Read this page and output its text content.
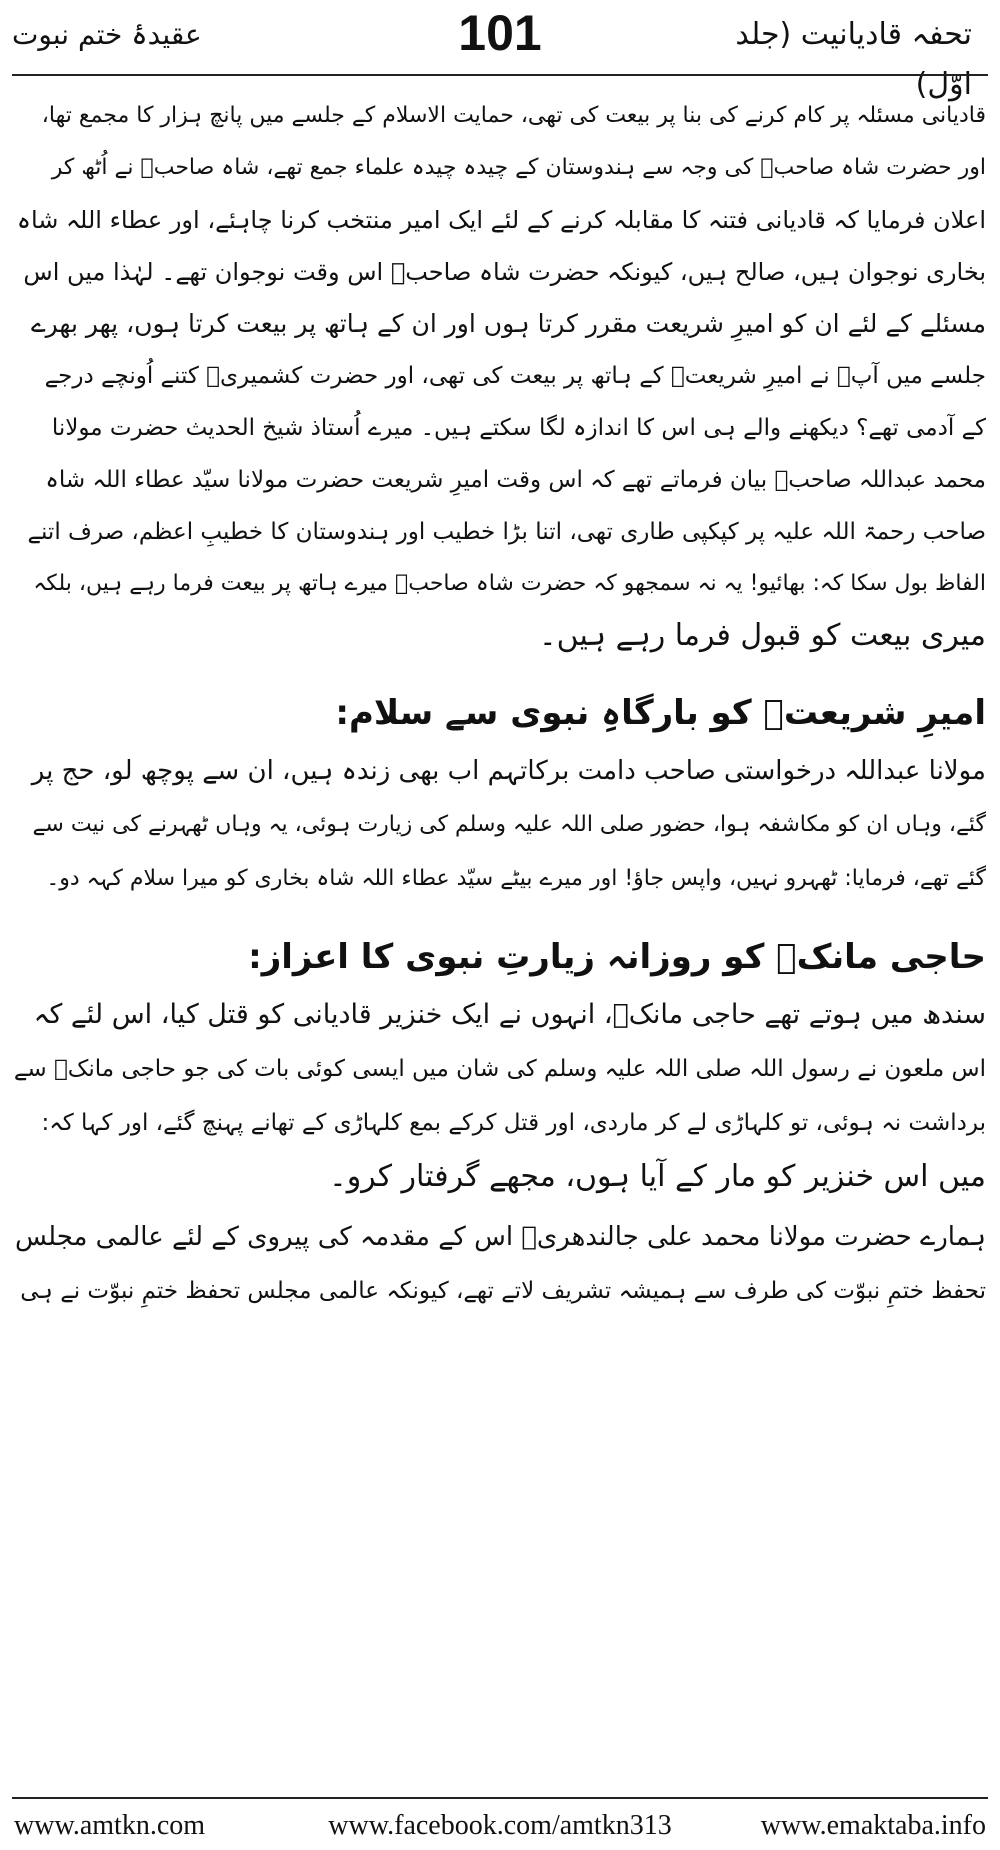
تحفہ قادیانیت (جلد اوّل)
101
عقیدۂ ختم نبوت
قادیانی مسئلہ پر کام کرنے کی بنا پر بیعت کی تھی، حمایت الاسلام کے جلسے میں پانچ ہزار کا مجمع تھا،
اور حضرت شاہ صاحبؒ کی وجہ سے ہندوستان کے چیدہ چیدہ علماء جمع تھے، شاہ صاحبؒ نے اُٹھ کر
اعلان فرمایا کہ قادیانی فتنہ کا مقابلہ کرنے کے لئے ایک امیر منتخب کرنا چاہئے، اور عطاء اللہ شاہ
بخاری نوجوان ہیں، صالح ہیں، کیونکہ حضرت شاہ صاحبؒ اس وقت نوجوان تھے۔ لہٰذا میں اس
مسئلے کے لئے ان کو امیرِ شریعت مقرر کرتا ہوں اور ان کے ہاتھ پر بیعت کرتا ہوں، پھر بھرے
جلسے میں آپؒ نے امیرِ شریعتؒ کے ہاتھ پر بیعت کی تھی، اور حضرت کشمیریؒ کتنے اُونچے درجے
کے آدمی تھے؟ دیکھنے والے ہی اس کا اندازہ لگا سکتے ہیں۔ میرے اُستاذ شیخ الحدیث حضرت مولانا
محمد عبداللہ صاحبؒ بیان فرماتے تھے کہ اس وقت امیرِ شریعت حضرت مولانا سیّد عطاء اللہ شاہ
صاحب رحمۃ اللہ علیہ پر کپکپی طاری تھی، اتنا بڑا خطیب اور ہندوستان کا خطیبِ اعظم، صرف اتنے
الفاظ بول سکا کہ: بھائیو! یہ نہ سمجھو کہ حضرت شاہ صاحبؒ میرے ہاتھ پر بیعت فرما رہے ہیں، بلکہ
میری بیعت کو قبول فرما رہے ہیں۔
امیرِ شریعتؒ کو بارگاہِ نبوی سے سلام:
مولانا عبداللہ درخواستی صاحب دامت برکاتہم اب بھی زندہ ہیں، ان سے پوچھ لو، حج پر
گئے، وہاں ان کو مکاشفہ ہوا، حضور صلی اللہ علیہ وسلم کی زیارت ہوئی، یہ وہاں ٹھہرنے کی نیت سے
گئے تھے، فرمایا: ٹھہرو نہیں، واپس جاؤ! اور میرے بیٹے سیّد عطاء اللہ شاہ بخاری کو میرا سلام کہہ دو۔
حاجی مانکؒ کو روزانہ زیارتِ نبوی کا اعزاز:
سندھ میں ہوتے تھے حاجی مانکؒ، انہوں نے ایک خنزیر قادیانی کو قتل کیا، اس لئے کہ
اس ملعون نے رسول اللہ صلی اللہ علیہ وسلم کی شان میں ایسی کوئی بات کی جو حاجی مانکؒ سے
برداشت نہ ہوئی، تو کلہاڑی لے کر ماردی، اور قتل کرکے بمع کلہاڑی کے تھانے پہنچ گئے، اور کہا کہ:
میں اس خنزیر کو مار کے آیا ہوں، مجھے گرفتار کرو۔
ہمارے حضرت مولانا محمد علی جالندھریؒ اس کے مقدمہ کی پیروی کے لئے عالمی مجلس
تحفظ ختمِ نبوّت کی طرف سے ہمیشہ تشریف لاتے تھے، کیونکہ عالمی مجلس تحفظ ختمِ نبوّت نے ہی
www.amtkn.com	www.facebook.com/amtkn313	www.emaktaba.info
